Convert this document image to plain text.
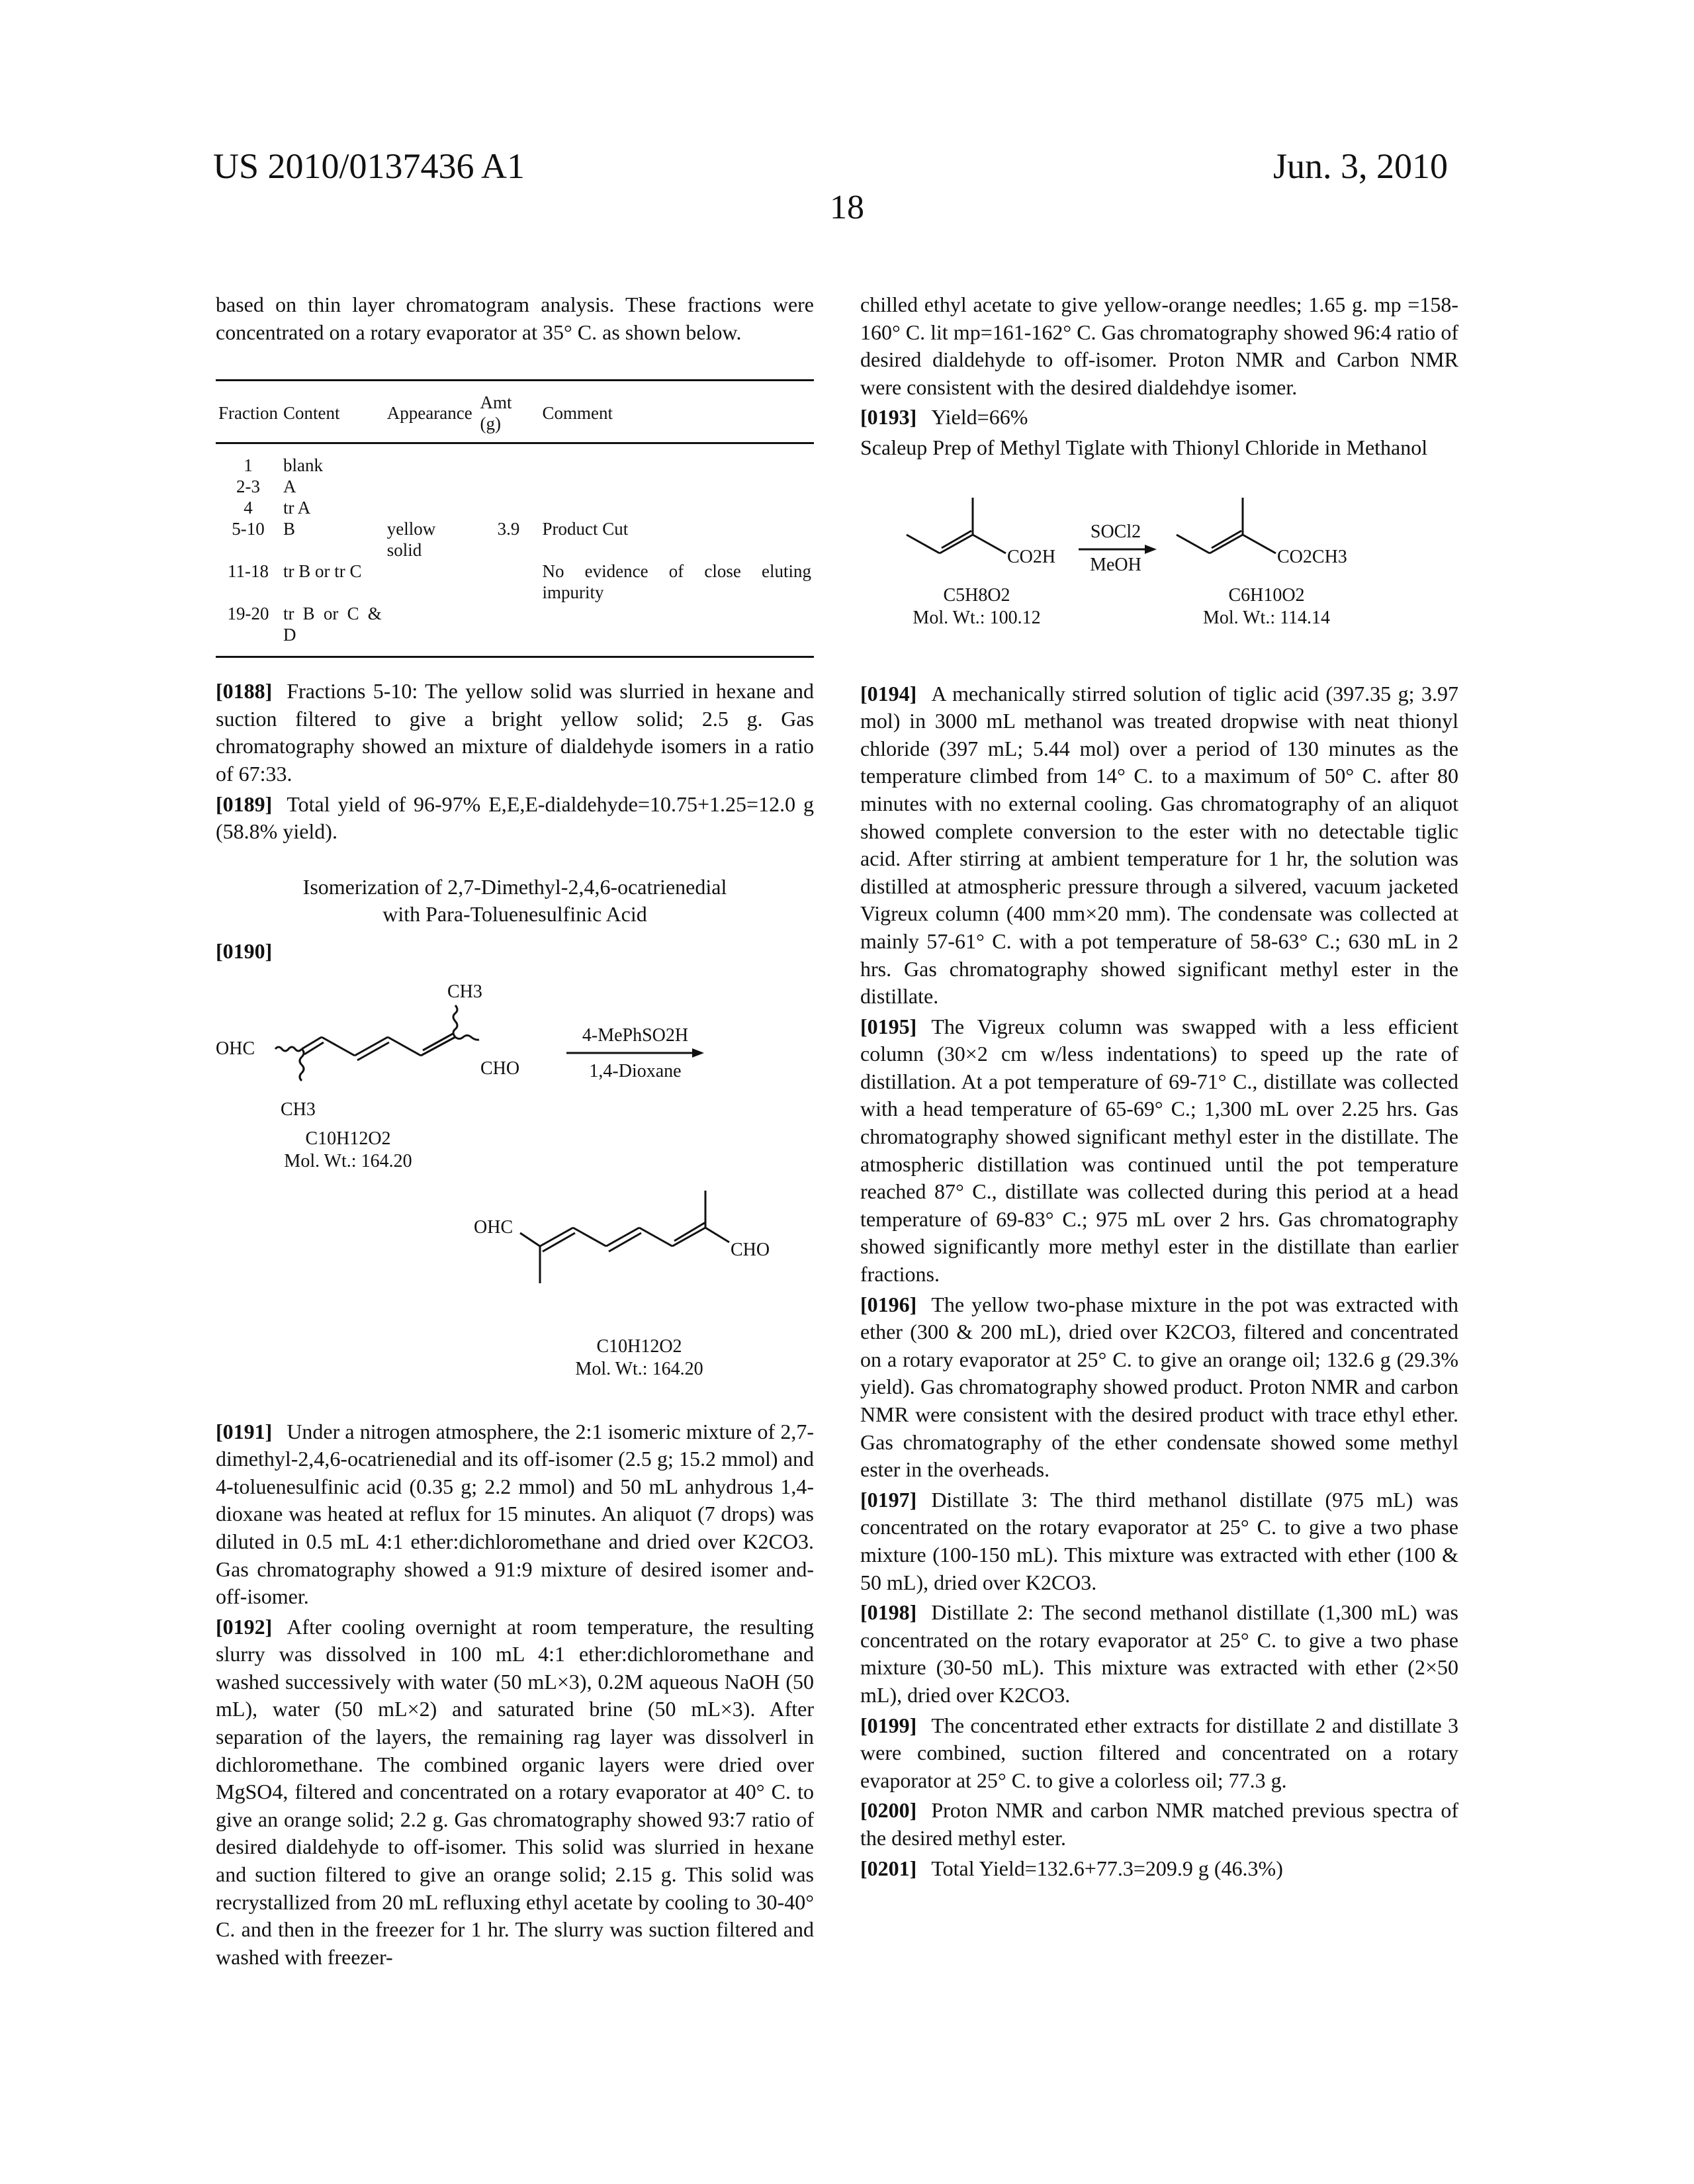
US 2010/0137436 A1	Jun. 3, 2010
18

based on thin layer chromatogram analysis. These fractions were concentrated on a rotary evaporator at 35° C. as shown below.

Fraction	Content	Appearance	Amt (g)	Comment
1	blank			
2-3	A			
4	tr A			
5-10	B	yellow solid	3.9	Product Cut
11-18	tr B or tr C			No evidence of close eluting impurity
19-20	tr B or C & D			

[0188] Fractions 5-10: The yellow solid was slurried in hexane and suction filtered to give a bright yellow solid; 2.5 g. Gas chromatography showed an mixture of dialdehyde isomers in a ratio of 67:33.

[0189] Total yield of 96-97% E,E,E-dialdehyde=10.75+1.25=12.0 g (58.8% yield).

Isomerization of 2,7-Dimethyl-2,4,6-ocatrienedial
with Para-Toluenesulfinic Acid

[0190]

CH3
OHC
CHO
CH3
4-MePhSO2H
1,4-Dioxane
C10H12O2
Mol. Wt.: 164.20
OHC
CHO
C10H12O2
Mol. Wt.: 164.20

[0191] Under a nitrogen atmosphere, the 2:1 isomeric mixture of 2,7-dimethyl-2,4,6-ocatrienedial and its off-isomer (2.5 g; 15.2 mmol) and 4-toluenesulfinic acid (0.35 g; 2.2 mmol) and 50 mL anhydrous 1,4-dioxane was heated at reflux for 15 minutes. An aliquot (7 drops) was diluted in 0.5 mL 4:1 ether:dichloromethane and dried over K2CO3. Gas chromatography showed a 91:9 mixture of desired isomer and-off-isomer.

[0192] After cooling overnight at room temperature, the resulting slurry was dissolved in 100 mL 4:1 ether:dichloromethane and washed successively with water (50 mL×3), 0.2M aqueous NaOH (50 mL), water (50 mL×2) and saturated brine (50 mL×3). After separation of the layers, the remaining rag layer was dissolverl in dichloromethane. The combined organic layers were dried over MgSO4, filtered and concentrated on a rotary evaporator at 40° C. to give an orange solid; 2.2 g. Gas chromatography showed 93:7 ratio of desired dialdehyde to off-isomer. This solid was slurried in hexane and suction filtered to give an orange solid; 2.15 g. This solid was recrystallized from 20 mL refluxing ethyl acetate by cooling to 30-40° C. and then in the freezer for 1 hr. The slurry was suction filtered and washed with freezer-

chilled ethyl acetate to give yellow-orange needles; 1.65 g. mp =158-160° C. lit mp=161-162° C. Gas chromatography showed 96:4 ratio of desired dialdehyde to off-isomer. Proton NMR and Carbon NMR were consistent with the desired dialdehdye isomer.

[0193] Yield=66%

Scaleup Prep of Methyl Tiglate with Thionyl Chloride in Methanol
CO2H
SOCl2
MeOH	CO2CH3
C5H8O2
Mol. Wt.: 100.12
C6H10O2
Mol. Wt.: 114.14

[0194] A mechanically stirred solution of tiglic acid (397.35 g; 3.97 mol) in 3000 mL methanol was treated dropwise with neat thionyl chloride (397 mL; 5.44 mol) over a period of 130 minutes as the temperature climbed from 14° C. to a maximum of 50° C. after 80 minutes with no external cooling. Gas chromatography of an aliquot showed complete conversion to the ester with no detectable tiglic acid. After stirring at ambient temperature for 1 hr, the solution was distilled at atmospheric pressure through a silvered, vacuum jacketed Vigreux column (400 mm×20 mm). The condensate was collected at mainly 57-61° C. with a pot temperature of 58-63° C.; 630 mL in 2 hrs. Gas chromatography showed significant methyl ester in the distillate.

[0195] The Vigreux column was swapped with a less efficient column (30×2 cm w/less indentations) to speed up the rate of distillation. At a pot temperature of 69-71° C., distillate was collected with a head temperature of 65-69° C.; 1,300 mL over 2.25 hrs. Gas chromatography showed significant methyl ester in the distillate. The atmospheric distillation was continued until the pot temperature reached 87° C., distillate was collected during this period at a head temperature of 69-83° C.; 975 mL over 2 hrs. Gas chromatography showed significantly more methyl ester in the distillate than earlier fractions.

[0196] The yellow two-phase mixture in the pot was extracted with ether (300 & 200 mL), dried over K2CO3, filtered and concentrated on a rotary evaporator at 25° C. to give an orange oil; 132.6 g (29.3% yield). Gas chromatography showed product. Proton NMR and carbon NMR were consistent with the desired product with trace ethyl ether. Gas chromatography of the ether condensate showed some methyl ester in the overheads.

[0197] Distillate 3: The third methanol distillate (975 mL) was concentrated on the rotary evaporator at 25° C. to give a two phase mixture (100-150 mL). This mixture was extracted with ether (100 & 50 mL), dried over K2CO3.

[0198] Distillate 2: The second methanol distillate (1,300 mL) was concentrated on the rotary evaporator at 25° C. to give a two phase mixture (30-50 mL). This mixture was extracted with ether (2×50 mL), dried over K2CO3.

[0199] The concentrated ether extracts for distillate 2 and distillate 3 were combined, suction filtered and concentrated on a rotary evaporator at 25° C. to give a colorless oil; 77.3 g.

[0200] Proton NMR and carbon NMR matched previous spectra of the desired methyl ester.

[0201] Total Yield=132.6+77.3=209.9 g (46.3%)
